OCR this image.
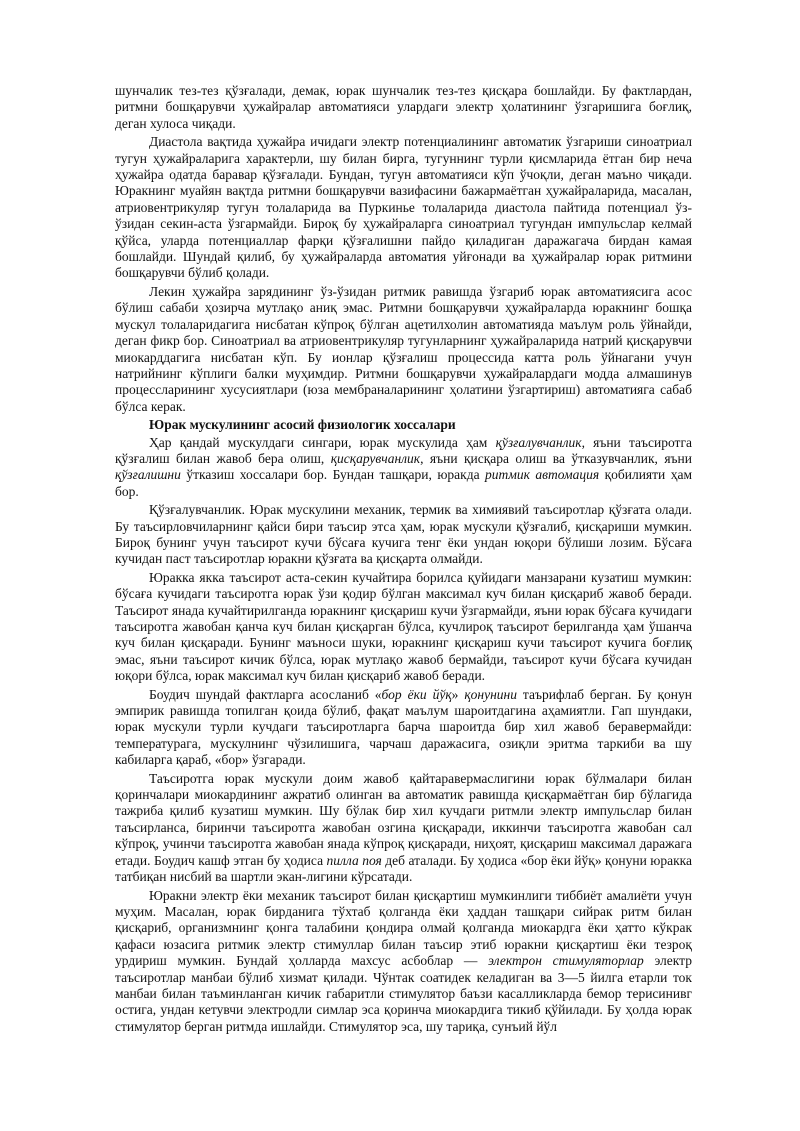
шунчалик тез-тез қўзғалади, демак, юрак шунчалик тез-тез қисқара бошлайди. Бу фактлардан, ритмни бошқарувчи ҳужайралар автоматияси улардаги электр ҳолатининг ўзгаришига боғлиқ, деган хулоса чиқади.

Диастола вақтида ҳужайра ичидаги электр потенциалининг автоматик ўзгариши синоатриал тугун ҳужайраларига характерли, шу билан бирга, тугуннинг турли қисмларида ётган бир неча ҳужайра одатда баравар қўзғалади. Бундан, тугун автоматияси кўп ўчоқли, деган маъно чиқади. Юракнинг муайян вақтда ритмни бошқарувчи вазифасини бажармаётган ҳужайраларида, масалан, атриовентрикуляр тугун толаларида ва Пуркинье толаларида диастола пайтида потенциал ўз-ўзидан секин-аста ўзгармайди. Бироқ бу ҳужайраларга синоатриал тугундан импульслар келмай қўйса, уларда потенциаллар фарқи қўзғалишни пайдо қиладиган даражагача бирдан камая бошлайди. Шундай қилиб, бу ҳужайраларда автоматия уйғонади ва ҳужайралар юрак ритмини бошқарувчи бўлиб қолади.

Лекин ҳужайра зарядининг ўз-ўзидан ритмик равишда ўзгариб юрак автоматиясига асос бўлиш сабаби ҳозирча мутлақо аниқ эмас. Ритмни бошқарувчи ҳужайраларда юракнинг бошқа мускул толаларидагига нисбатан кўпроқ бўлган ацетилхолин автоматияда маълум роль ўйнайди, деган фикр бор. Синоатриал ва атриовентрикуляр тугунларнинг ҳужайраларида натрий қисқарувчи миокарддагига нисбатан кўп. Бу ионлар қўзғалиш процессида катта роль ўйнагани учун натрийнинг кўплиги балки муҳимдир. Ритмни бошқарувчи ҳужайралардаги модда алмашинув процессларининг хусусиятлари (юза мембраналарининг ҳолатини ўзгартириш) автоматияга сабаб бўлса керак.

Юрак мускулининг асосий физиологик хоссалари

Ҳар қандай мускулдаги сингари, юрак мускулида ҳам қўзғалувчанлик, яъни таъсиротга қўзғалиш билан жавоб бера олиш, қисқарувчанлик, яъни қисқара олиш ва ўтказувчанлик, яъни қўзғалишни ўтказиш хоссалари бор. Бундан ташқари, юракда ритмик автомация қобилияти ҳам бор.

Қўзғалувчанлик. Юрак мускулини механик, термик ва химиявий таъсиротлар қўзғата олади. Бу таъсирловчиларнинг қайси бири таъсир этса ҳам, юрак мускули қўзғалиб, қисқариши мумкин. Бироқ бунинг учун таъсирот кучи бўсаға кучига тенг ёки ундан юқори бўлиши лозим. Бўсаға кучидан паст таъсиротлар юракни қўзғата ва қисқарта олмайди.

Юракка якка таъсирот аста-секин кучайтира борилса қуйидаги манзарани кузатиш мумкин: бўсаға кучидаги таъсиротга юрак ўзи қодир бўлган максимал куч билан қисқариб жавоб беради. Таъсирот янада кучайтирилганда юракнинг қисқариш кучи ўзгармайди, яъни юрак бўсаға кучидаги таъсиротга жавобан қанча куч билан қисқарган бўлса, кучлироқ таъсирот берилганда ҳам ўшанча куч билан қисқаради. Бунинг маъноси шуки, юракнинг қисқариш кучи таъсирот кучига боғлиқ эмас, яъни таъсирот кичик бўлса, юрак мутлақо жавоб бермайди, таъсирот кучи бўсаға кучидан юқори бўлса, юрак максимал куч билан қисқариб жавоб беради.

Боудич шундай фактларга асосланиб «бор ёки йўқ» қонунини таърифлаб берган. Бу қонун эмпирик равишда топилган қоида бўлиб, фақат маълум шароитдагина аҳамиятли. Гап шундаки, юрак мускули турли кучдаги таъсиротларга барча шароитда бир хил жавоб беравермайди: температурага, мускулнинг чўзилишига, чарчаш даражасига, озиқли эритма таркиби ва шу кабиларга қараб, «бор» ўзгаради.

Таъсиротга юрак мускули доим жавоб қайтаравермаслигини юрак бўлмалари билан қоринчалари миокардининг ажратиб олинган ва автоматик равишда қисқармаётган бир бўлагида тажриба қилиб кузатиш мумкин. Шу бўлак бир хил кучдаги ритмли электр импульслар билан таъсирланса, биринчи таъсиротга жавобан озгина қисқаради, иккинчи таъсиротга жавобан сал кўпроқ, учинчи таъсиротга жавобан янада кўпроқ қисқаради, ниҳоят, қисқариш максимал даражага етади. Боудич кашф этган бу ҳодиса пилла поя деб аталади. Бу ҳодиса «бор ёки йўқ» қонуни юракка татбиқан нисбий ва шартли экан-лигини кўрсатади.

Юракни электр ёки механик таъсирот билан қисқартиш мумкинлиги тиббиёт амалиёти учун муҳим. Масалан, юрак бирданига тўхтаб қолганда ёки ҳаддан ташқари сийрак ритм билан қисқариб, организмнинг қонга талабини қондира олмай қолганда миокардга ёки ҳатто кўкрак қафаси юзасига ритмик электр стимуллар билан таъсир этиб юракни қисқартиш ёки тезроқ урдириш мумкин. Бундай ҳолларда махсус асбоблар — электрон стимуляторлар электр таъсиротлар манбаи бўлиб хизмат қилади. Чўнтак соатидек келадиган ва 3—5 йилга етарли ток манбаи билан таъминланган кичик габаритли стимулятор баъзи касалликларда бемор терисинивг остига, ундан кетувчи электродли симлар эса қоринча миокардига тикиб қўйилади. Бу ҳолда юрак стимулятор берган ритмда ишлайди. Стимулятор эса, шу тариқа, сунъий йўл
